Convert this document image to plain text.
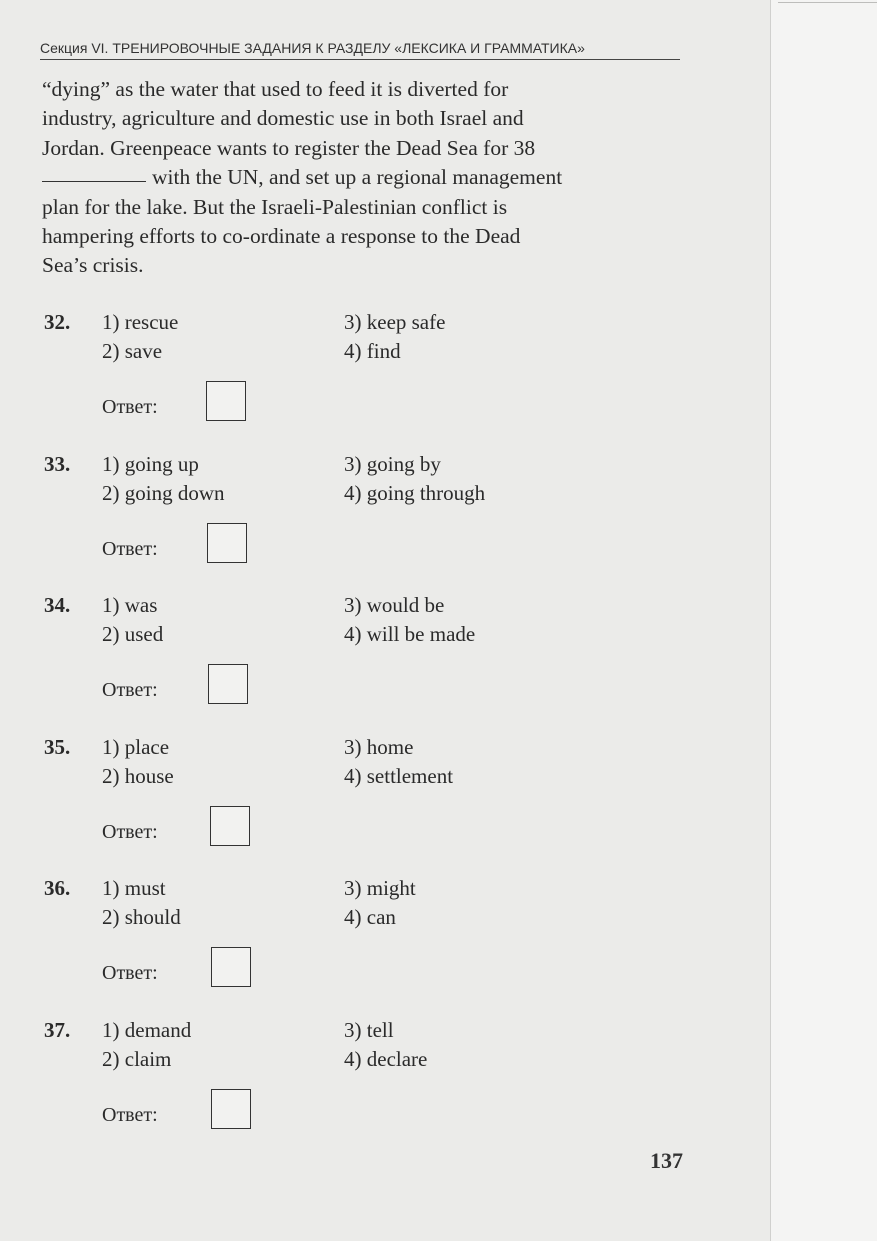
Секция VI. ТРЕНИРОВОЧНЫЕ ЗАДАНИЯ К РАЗДЕЛУ «ЛЕКСИКА И ГРАММАТИКА»
“dying” as the water that used to feed it is diverted for
industry, agriculture and domestic use in both Israel and
Jordan. Greenpeace wants to register the Dead Sea for 38
with the UN, and set up a regional management
plan for the lake. But the Israeli-Palestinian conflict is
hampering efforts to co-ordinate a response to the Dead
Sea’s crisis.
32. 1) rescue
2) save
3) keep safe
4) find
Ответ:
33. 1) going up
2) going down
3) going by
4) going through
Ответ:
34. 1) was
2) used
3) would be
4) will be made
Ответ:
35. 1) place
2) house
3) home
4) settlement
Ответ:
36. 1) must
2) should
3) might
4) can
Ответ:
37. 1) demand
2) claim
3) tell
4) declare
Ответ:
137
